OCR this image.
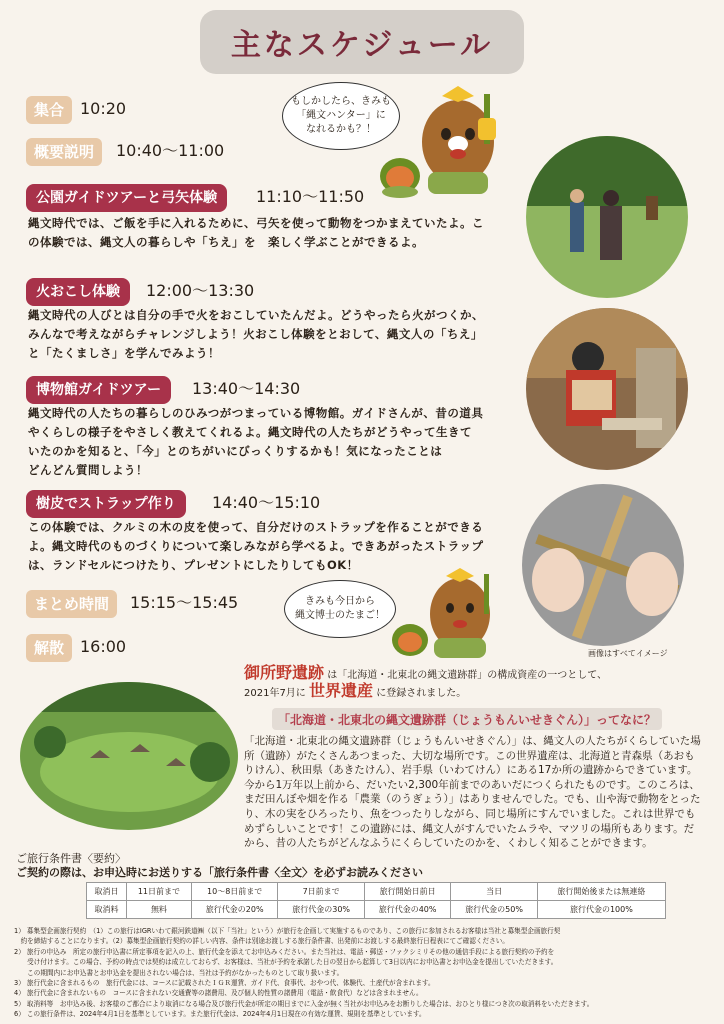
主なスケジュール
集合 10:20
概要説明	10:40～11:00
公園ガイドツアーと弓矢体験	11:10～11:50
縄文時代では、ご飯を手に入れるために、弓矢を使って動物をつかまえていたよ。こ
の体験では、縄文人の暮らしや「ちえ」を　楽しく学ぶことができるよ。
火おこし体験	12:00～13:30
縄文時代の人びとは自分の手で火をおこしていたんだよ。どうやったら火がつくか、
みんなで考えながらチャレンジしよう！火おこし体験をとおして、縄文人の「ちえ」
と「たくましさ」を学んでみよう！
博物館ガイドツアー	13:40～14:30
縄文時代の人たちの暮らしのひみつがつまっている博物館。ガイドさんが、昔の道具
やくらしの様子をやさしく教えてくれるよ。縄文時代の人たちがどうやって生きて
いたのかを知ると、「今」とのちがいにびっくりするかも！気になったことは
どんどん質問しよう！
樹皮でストラップ作り	14:40～15:10
この体験では、クルミの木の皮を使って、自分だけのストラップを作ることができる
よ。縄文時代のものづくりについて楽しみながら学べるよ。できあがったストラップ
は、ランドセルにつけたり、プレゼントにしたりしてもOK！
まとめ時間	15:15～15:45
解散 16:00
もしかしたら、きみも
「縄文ハンター」に
なれるかも？！
きみも今日から
縄文博士のたまご！
画像はすべてイメージ
御所野遺跡 は「北海道・北東北の縄文遺跡群」の構成資産の一つとして、
2021年7月に 世界遺産 に登録されました。
「北海道・北東北の縄文遺跡群（じょうもんいせきぐん）」ってなに？
「北海道・北東北の縄文遺跡群（じょうもんいせきぐん）」は、縄文人の人たちがくらしていた場所（遺跡）がたくさんあつまった、大切な場所です。この世界遺産は、北海道と青森県（あおもりけん）、秋田県（あきたけん）、岩手県（いわてけん）にある17か所の遺跡からできています。今から1万年以上前から、だいたい2,300年前までのあいだにつくられたものです。このころは、まだ田んぼや畑を作る「農業（のうぎょう）」はありませんでした。でも、山や海で動物をとったり、木の実をひろったり、魚をつったりしながら、同じ場所にすんでいました。これは世界でもめずらしいことです！この遺跡には、縄文人がすんでいたムラや、マツリの場所もあります。だから、昔の人たちがどんなふうにくらしていたのかを、くわしく知ることができます。
ご旅行条件書〈要約〉
ご契約の際は、お申込時にお送りする「旅行条件書〈全文〉を必ずお読みください
取消日	11日前まで	10～8日前まで	7日前まで	旅行開始日前日	当日	旅行開始後または無連絡
取消料	無料	旅行代金の20%	旅行代金の30%	旅行代金の40%	旅行代金の50%	旅行代金の100%
1） 募集型企画旅行契約　（1）この旅行はIGRいわて銀河鉄道㈱（以下「当社」という）が旅行を企画して実施するものであり、この旅行に参加されるお客様は当社と募集型企画旅行契
　約を締結することになります。（2）募集型企画旅行契約の詳しい内容、条件は別途お渡しする旅行条件書、出発前にお渡しする最終旅行日程表にてご確認ください。
2） 旅行の申込み　所定の旅行申込書に所定事項を記入の上、旅行代金を添えてお申込みください。また当社は、電話・郵送・ファクシミリその他の通信手段による旅行契約の予約を
　　受け付けます。この場合、予約の時点では契約は成立しておらず、お客様は、当社が予約を承諾した日の翌日から起算して3日以内にお申込書とお申込金を提出していただきます。
　　この期間内にお申込書とお申込金を提出されない場合は、当社は予約がなかったものとして取り扱います。
3） 旅行代金に含まれるもの　旅行代金には、コースに記載されたＩＧＲ運賃、ガイド代、食事代、おやつ代、体験代、土産代が含まれます。
4） 旅行代金に含まれないもの　コースに含まれない交通費等の諸費用、及び個人的性質の諸費用（電話・飲食代）などは含まれません。
5） 取消料等　お申込み後、お客様のご都合により取消になる場合及び旅行代金が所定の期日までに入金が無く当社がお申込みをお断りした場合は、おひとり様につき次の取消料をいただきます。
6） この旅行条件は、2024年4月1日を基準としています。また旅行代金は、2024年4月1日現在の有効な運賃、規則を基準としています。
